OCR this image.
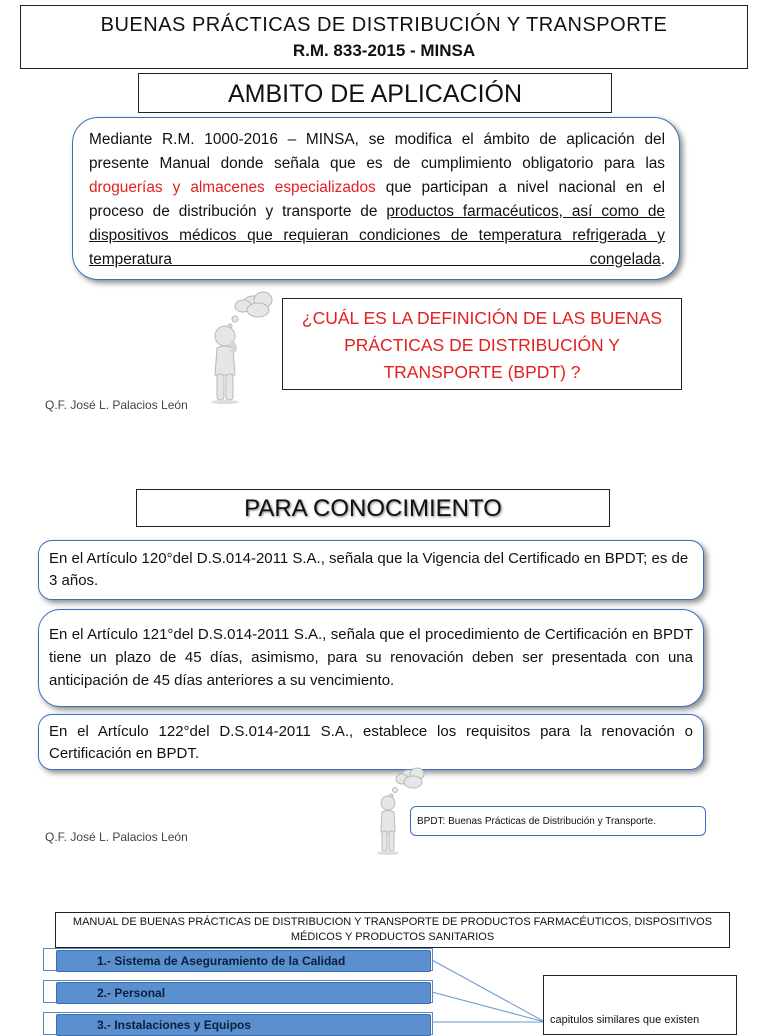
BUENAS PRÁCTICAS DE DISTRIBUCIÓN Y TRANSPORTE
R.M. 833-2015 - MINSA
AMBITO DE APLICACIÓN
Mediante R.M. 1000-2016 – MINSA, se modifica el ámbito de aplicación del presente Manual donde señala que es de cumplimiento obligatorio para las droguerías y almacenes especializados que participan a nivel nacional en el proceso de distribución y transporte de productos farmacéuticos, así como de dispositivos médicos que requieran condiciones de temperatura refrigerada y temperatura congelada.
¿CUÁL ES LA DEFINICIÓN DE LAS BUENAS PRÁCTICAS DE DISTRIBUCIÓN Y TRANSPORTE (BPDT) ?
Q.F. José L. Palacios León
PARA CONOCIMIENTO
En el Artículo 120°del D.S.014-2011 S.A., señala que la Vigencia del Certificado en BPDT; es de 3 años.
En el Artículo 121°del D.S.014-2011 S.A., señala que el procedimiento de Certificación en BPDT tiene un plazo de 45 días, asimismo, para su renovación deben ser presentada con una anticipación de 45 días anteriores a su vencimiento.
En el Artículo 122°del D.S.014-2011 S.A., establece los requisitos para la renovación o Certificación en BPDT.
BPDT: Buenas Prácticas de Distribución y Transporte.
Q.F. José L. Palacios León
MANUAL DE BUENAS PRÁCTICAS DE DISTRIBUCION Y TRANSPORTE DE PRODUCTOS FARMACÉUTICOS, DISPOSITIVOS MÉDICOS Y PRODUCTOS SANITARIOS
1.- Sistema de Aseguramiento de la Calidad
2.- Personal
3.- Instalaciones y Equipos	capitulos similares que existen
